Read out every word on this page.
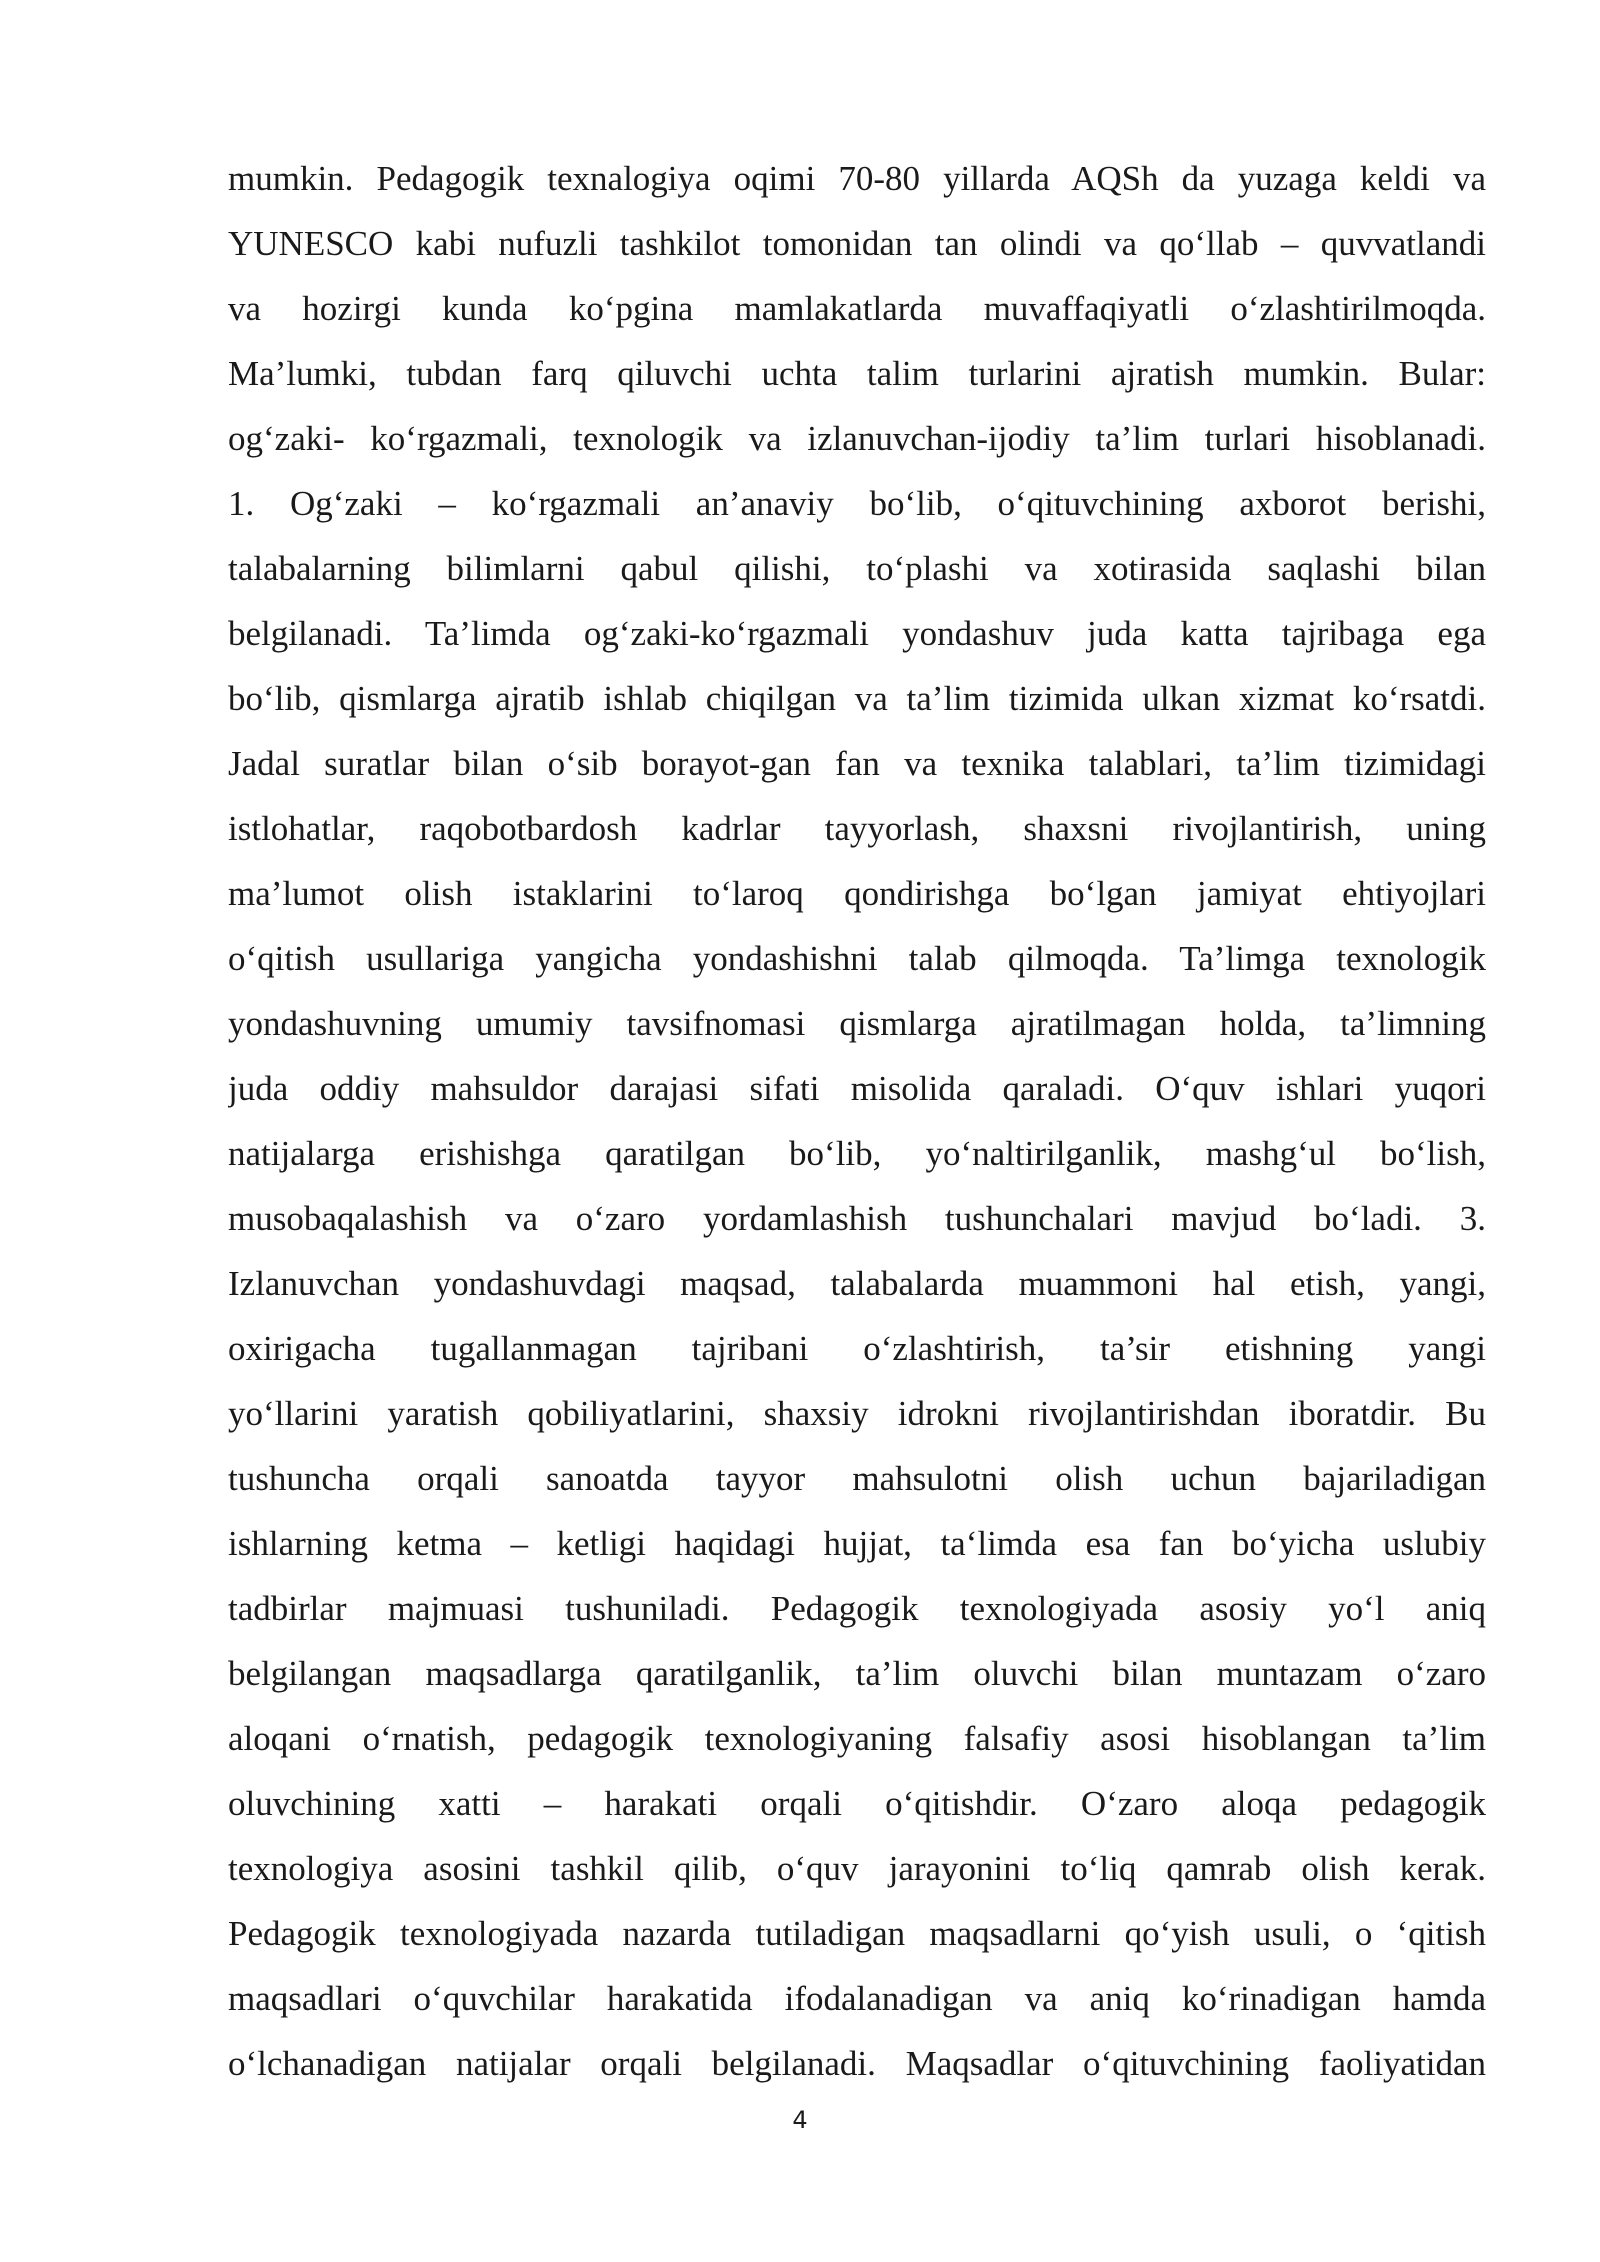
mumkin. Pedagogik texnalogiya oqimi 70-80 yillarda AQSh da yuzaga keldi va
YUNESCO kabi nufuzli tashkilot tomonidan tan olindi va qo‘llab – quvvatlandi
va hozirgi kunda ko‘pgina mamlakatlarda muvaffaqiyatli o‘zlashtirilmoqda.
Ma’lumki, tubdan farq qiluvchi uchta talim turlarini ajratish mumkin. Bular:
og‘zaki- ko‘rgazmali, texnologik va izlanuvchan-ijodiy ta’lim turlari hisoblanadi.
1. Og‘zaki – ko‘rgazmali an’anaviy bo‘lib, o‘qituvchining axborot berishi,
talabalarning bilimlarni qabul qilishi, to‘plashi va xotirasida saqlashi bilan
belgilanadi. Ta’limda og‘zaki-ko‘rgazmali yondashuv juda katta tajribaga ega
bo‘lib, qismlarga ajratib ishlab chiqilgan va ta’lim tizimida ulkan xizmat ko‘rsatdi.
Jadal suratlar bilan o‘sib borayot-gan fan va texnika talablari, ta’lim tizimidagi
istlohatlar, raqobotbardosh kadrlar tayyorlash, shaxsni rivojlantirish, uning
ma’lumot olish istaklarini to‘laroq qondirishga bo‘lgan jamiyat ehtiyojlari
o‘qitish usullariga yangicha yondashishni talab qilmoqda. Ta’limga texnologik
yondashuvning umumiy tavsifnomasi qismlarga ajratilmagan holda, ta’limning
juda oddiy mahsuldor darajasi sifati misolida qaraladi. O‘quv ishlari yuqori
natijalarga erishishga qaratilgan bo‘lib, yo‘naltirilganlik, mashg‘ul bo‘lish,
musobaqalashish va o‘zaro yordamlashish tushunchalari mavjud bo‘ladi. 3.
Izlanuvchan yondashuvdagi maqsad, talabalarda muammoni hal etish, yangi,
oxirigacha tugallanmagan tajribani o‘zlashtirish, ta’sir etishning yangi
yo‘llarini yaratish qobiliyatlarini, shaxsiy idrokni rivojlantirishdan iboratdir. Bu
tushuncha orqali sanoatda tayyor mahsulotni olish uchun bajariladigan
ishlarning ketma – ketligi haqidagi hujjat, ta‘limda esa fan bo‘yicha uslubiy
tadbirlar majmuasi tushuniladi. Pedagogik texnologiyada asosiy yo‘l aniq
belgilangan maqsadlarga qaratilganlik, ta’lim oluvchi bilan muntazam o‘zaro
aloqani o‘rnatish, pedagogik texnologiyaning falsafiy asosi hisoblangan ta’lim
oluvchining xatti – harakati orqali o‘qitishdir. O‘zaro aloqa pedagogik
texnologiya asosini tashkil qilib, o‘quv jarayonini to‘liq qamrab olish kerak.
Pedagogik texnologiyada nazarda tutiladigan maqsadlarni qo‘yish usuli, o ‘qitish
maqsadlari o‘quvchilar harakatida ifodalanadigan va aniq ko‘rinadigan hamda
o‘lchanadigan natijalar orqali belgilanadi. Maqsadlar o‘qituvchining faoliyatidan
4
